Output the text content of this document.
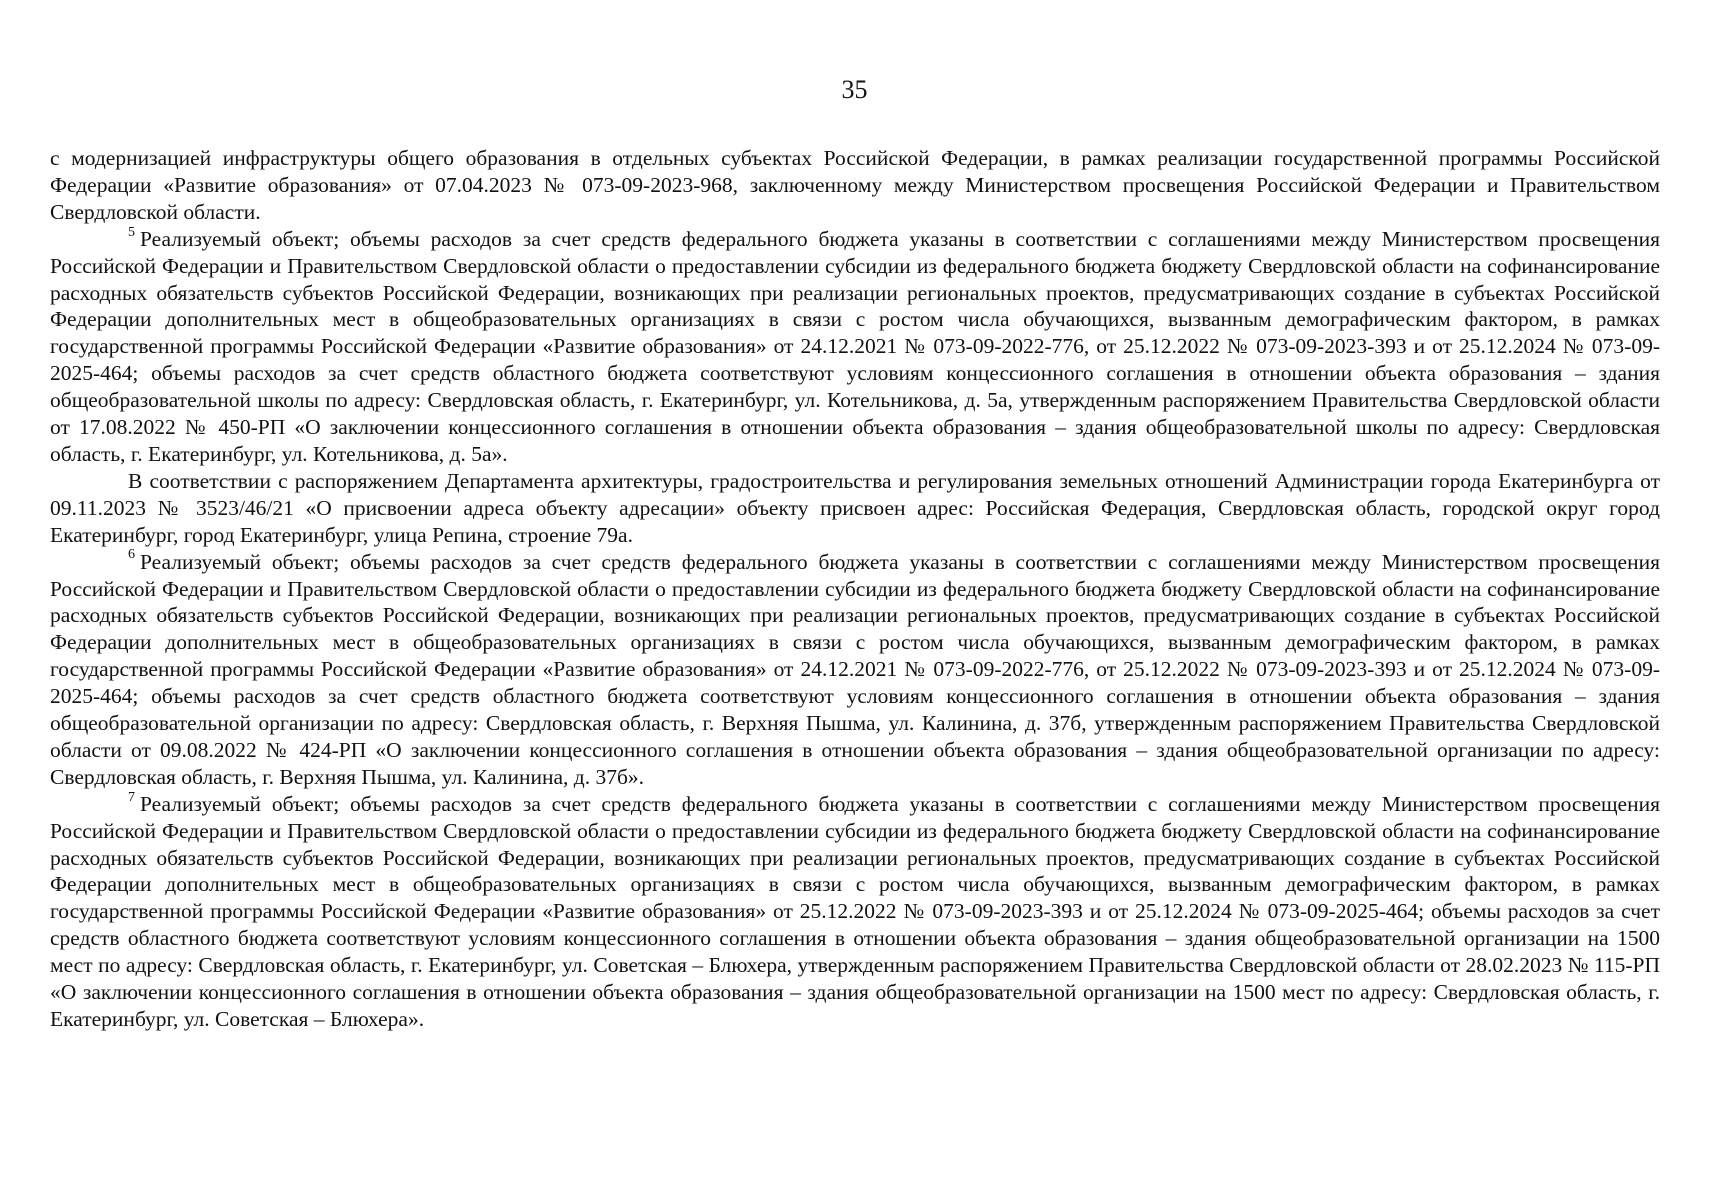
35

с модернизацией инфраструктуры общего образования в отдельных субъектах Российской Федерации, в рамках реализации государственной программы Российской Федерации «Развитие образования» от 07.04.2023 № 073-09-2023-968, заключенному между Министерством просвещения Российской Федерации и Правительством Свердловской области.

$^5$ Реализуемый объект; объемы расходов за счет средств федерального бюджета указаны в соответствии с соглашениями между Министерством просвещения Российской Федерации и Правительством Свердловской области о предоставлении субсидии из федерального бюджета бюджету Свердловской области на софинансирование расходных обязательств субъектов Российской Федерации, возникающих при реализации региональных проектов, предусматривающих создание в субъектах Российской Федерации дополнительных мест в общеобразовательных организациях в связи с ростом числа обучающихся, вызванным демографическим фактором, в рамках государственной программы Российской Федерации «Развитие образования» от 24.12.2021 № 073-09-2022-776, от 25.12.2022 № 073-09-2023-393 и от 25.12.2024 № 073-09-2025-464; объемы расходов за счет средств областного бюджета соответствуют условиям концессионного соглашения в отношении объекта образования – здания общеобразовательной школы по адресу: Свердловская область, г. Екатеринбург, ул. Котельникова, д. 5а, утвержденным распоряжением Правительства Свердловской области от 17.08.2022 № 450-РП «О заключении концессионного соглашения в отношении объекта образования – здания общеобразовательной школы по адресу: Свердловская область, г. Екатеринбург, ул. Котельникова, д. 5а».

В соответствии с распоряжением Департамента архитектуры, градостроительства и регулирования земельных отношений Администрации города Екатеринбурга от 09.11.2023 № 3523/46/21 «О присвоении адреса объекту адресации» объекту присвоен адрес: Российская Федерация, Свердловская область, городской округ город Екатеринбург, город Екатеринбург, улица Репина, строение 79а.

$^6$ Реализуемый объект; объемы расходов за счет средств федерального бюджета указаны в соответствии с соглашениями между Министерством просвещения Российской Федерации и Правительством Свердловской области о предоставлении субсидии из федерального бюджета бюджету Свердловской области на софинансирование расходных обязательств субъектов Российской Федерации, возникающих при реализации региональных проектов, предусматривающих создание в субъектах Российской Федерации дополнительных мест в общеобразовательных организациях в связи с ростом числа обучающихся, вызванным демографическим фактором, в рамках государственной программы Российской Федерации «Развитие образования» от 24.12.2021 № 073-09-2022-776, от 25.12.2022 № 073-09-2023-393 и от 25.12.2024 № 073-09-2025-464; объемы расходов за счет средств областного бюджета соответствуют условиям концессионного соглашения в отношении объекта образования – здания общеобразовательной организации по адресу: Свердловская область, г. Верхняя Пышма, ул. Калинина, д. 37б, утвержденным распоряжением Правительства Свердловской области от 09.08.2022 № 424-РП «О заключении концессионного соглашения в отношении объекта образования – здания общеобразовательной организации по адресу: Свердловская область, г. Верхняя Пышма, ул. Калинина, д. 37б».

$^7$ Реализуемый объект; объемы расходов за счет средств федерального бюджета указаны в соответствии с соглашениями между Министерством просвещения Российской Федерации и Правительством Свердловской области о предоставлении субсидии из федерального бюджета бюджету Свердловской области на софинансирование расходных обязательств субъектов Российской Федерации, возникающих при реализации региональных проектов, предусматривающих создание в субъектах Российской Федерации дополнительных мест в общеобразовательных организациях в связи с ростом числа обучающихся, вызванным демографическим фактором, в рамках государственной программы Российской Федерации «Развитие образования» от 25.12.2022 № 073-09-2023-393 и от 25.12.2024 № 073-09-2025-464; объемы расходов за счет средств областного бюджета соответствуют условиям концессионного соглашения в отношении объекта образования – здания общеобразовательной организации на 1500 мест по адресу: Свердловская область, г. Екатеринбург, ул. Советская – Блюхера, утвержденным распоряжением Правительства Свердловской области от 28.02.2023 № 115-РП «О заключении концессионного соглашения в отношении объекта образования – здания общеобразовательной организации на 1500 мест по адресу: Свердловская область, г. Екатеринбург, ул. Советская – Блюхера».
